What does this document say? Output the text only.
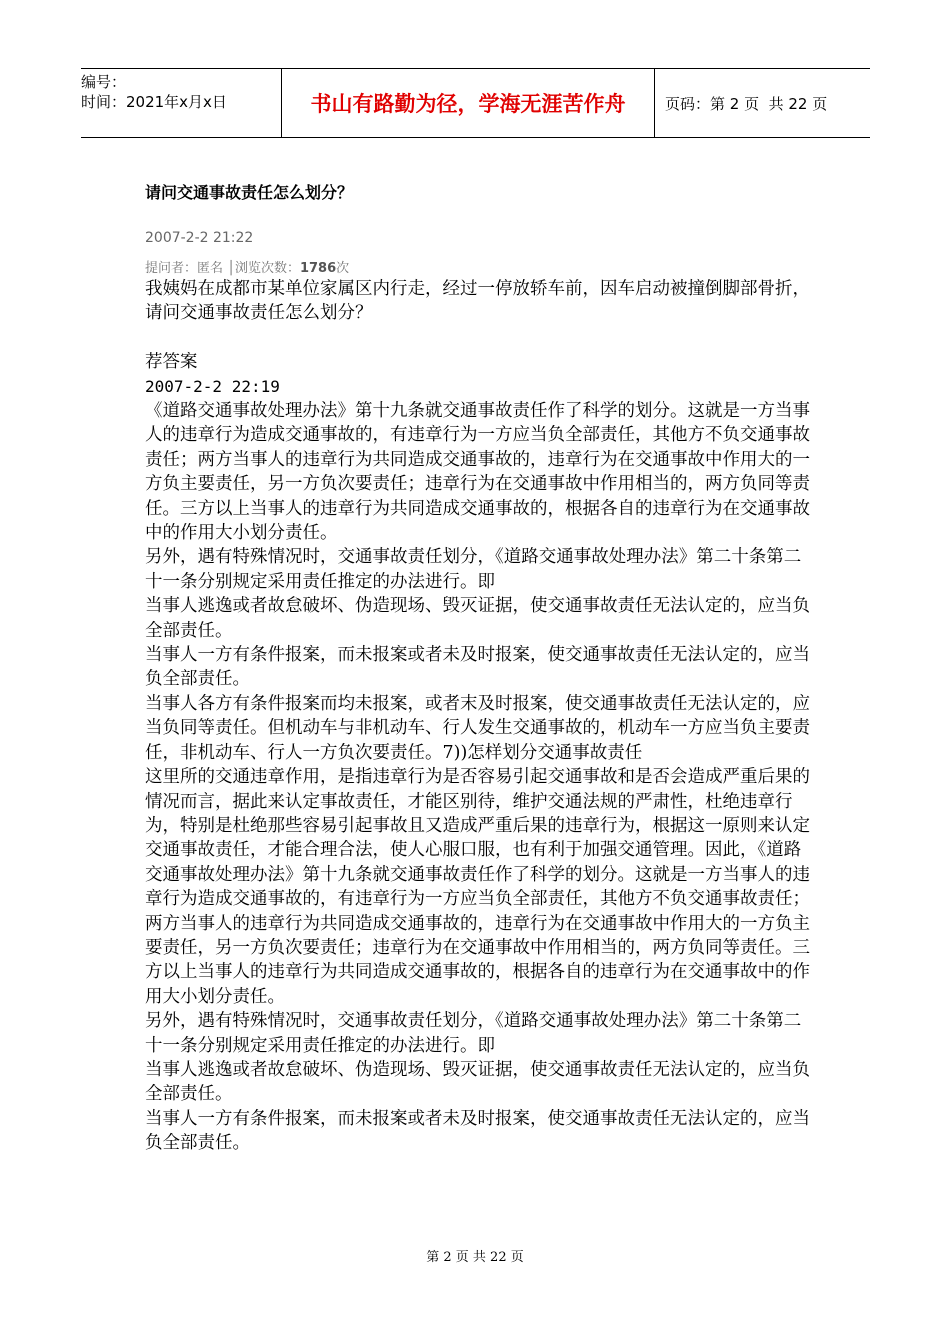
编号：
时间：2021年x月x日	书山有路勤为径，学海无涯苦作舟	页码：第 2 页  共 22 页
请问交通事故责任怎么划分？
2007-2-2 21:22
提问者：匿名 │浏览次数：1786次

我姨妈在成都市某单位家属区内行走，经过一停放轿车前，因车启动被撞倒脚部骨折，请问交通事故责任怎么划分？

荐答案

2007-2-2 22:19

《道路交通事故处理办法》第十九条就交通事故责任作了科学的划分。这就是一方当事人的违章行为造成交通事故的，有违章行为一方应当负全部责任，其他方不负交通事故责任；两方当事人的违章行为共同造成交通事故的，违章行为在交通事故中作用大的一方负主要责任，另一方负次要责任；违章行为在交通事故中作用相当的，两方负同等责任。三方以上当事人的违章行为共同造成交通事故的，根据各自的违章行为在交通事故中的作用大小划分责任。

另外，遇有特殊情况时，交通事故责任划分，《道路交通事故处理办法》第二十条第二十一条分别规定采用责任推定的办法进行。即

当事人逃逸或者故怠破坏、伪造现场、毁灭证据，使交通事故责任无法认定的，应当负全部责任。

当事人一方有条件报案，而未报案或者未及时报案，使交通事故责任无法认定的，应当负全部责任。

当事人各方有条件报案而均未报案，或者末及时报案，使交通事故责任无法认定的，应当负同等责任。但机动车与非机动车、行人发生交通事故的，机动车一方应当负主要责任，非机动车、行人一方负次要责任。7))怎样划分交通事故责任

这里所的交通违章作用，是指违章行为是否容易引起交通事故和是否会造成严重后果的情况而言，据此来认定事故责任，才能区别待，维护交通法规的严肃性，杜绝违章行为，特别是杜绝那些容易引起事故且又造成严重后果的违章行为，根据这一原则来认定交通事故责任，才能合理合法，使人心服口服，也有利于加强交通管理。因此，《道路交通事故处理办法》第十九条就交通事故责任作了科学的划分。这就是一方当事人的违章行为造成交通事故的，有违章行为一方应当负全部责任，其他方不负交通事故责任；两方当事人的违章行为共同造成交通事故的，违章行为在交通事故中作用大的一方负主要责任，另一方负次要责任；违章行为在交通事故中作用相当的，两方负同等责任。三方以上当事人的违章行为共同造成交通事故的，根据各自的违章行为在交通事故中的作用大小划分责任。

另外，遇有特殊情况时，交通事故责任划分，《道路交通事故处理办法》第二十条第二十一条分别规定采用责任推定的办法进行。即

当事人逃逸或者故怠破坏、伪造现场、毁灭证据，使交通事故责任无法认定的，应当负全部责任。

当事人一方有条件报案，而未报案或者未及时报案，使交通事故责任无法认定的，应当负全部责任。

第 2 页 共 22 页
